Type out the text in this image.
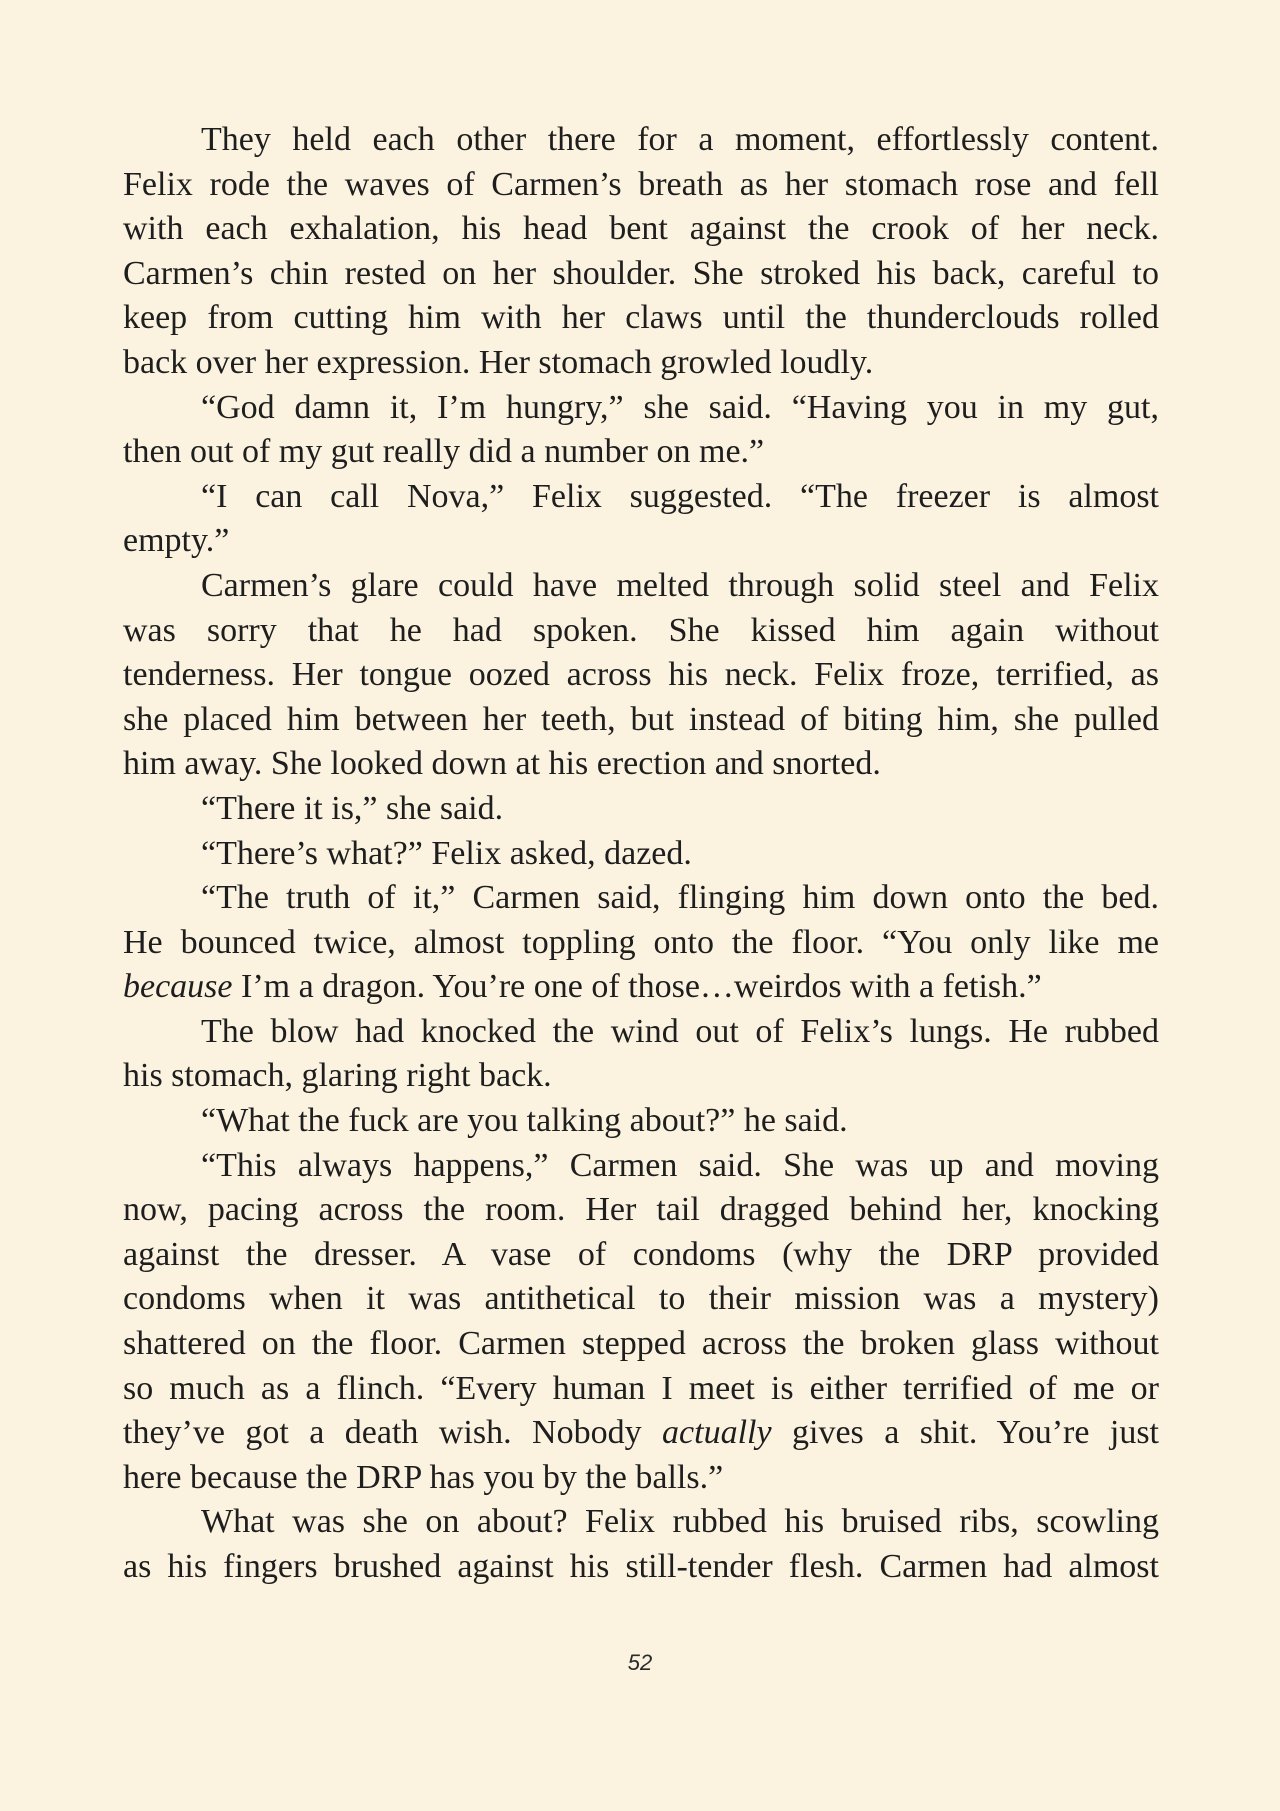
They held each other there for a moment, effortlessly content.
Felix rode the waves of Carmen’s breath as her stomach rose and fell
with each exhalation, his head bent against the crook of her neck.
Carmen’s chin rested on her shoulder. She stroked his back, careful to
keep from cutting him with her claws until the thunderclouds rolled
back over her expression. Her stomach growled loudly.
“God damn it, I’m hungry,” she said. “Having you in my gut,
then out of my gut really did a number on me.”
“I can call Nova,” Felix suggested. “The freezer is almost
empty.”
Carmen’s glare could have melted through solid steel and Felix
was sorry that he had spoken. She kissed him again without
tenderness. Her tongue oozed across his neck. Felix froze, terrified, as
she placed him between her teeth, but instead of biting him, she pulled
him away. She looked down at his erection and snorted.
“There it is,” she said.
“There’s what?” Felix asked, dazed.
“The truth of it,” Carmen said, flinging him down onto the bed.
He bounced twice, almost toppling onto the floor. “You only like me
because I’m a dragon. You’re one of those…weirdos with a fetish.”
The blow had knocked the wind out of Felix’s lungs. He rubbed
his stomach, glaring right back.
“What the fuck are you talking about?” he said.
“This always happens,” Carmen said. She was up and moving
now, pacing across the room. Her tail dragged behind her, knocking
against the dresser. A vase of condoms (why the DRP provided
condoms when it was antithetical to their mission was a mystery)
shattered on the floor. Carmen stepped across the broken glass without
so much as a flinch. “Every human I meet is either terrified of me or
they’ve got a death wish. Nobody actually gives a shit. You’re just
here because the DRP has you by the balls.”
What was she on about? Felix rubbed his bruised ribs, scowling
as his fingers brushed against his still-tender flesh. Carmen had almost
52
